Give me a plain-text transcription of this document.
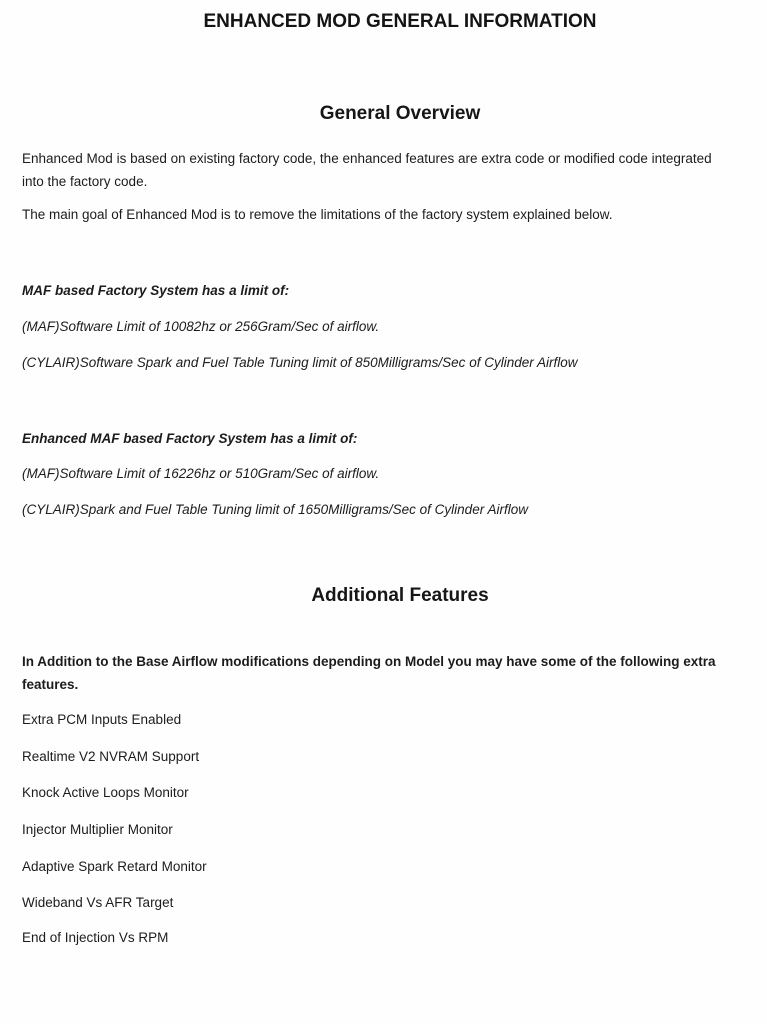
ENHANCED MOD GENERAL INFORMATION
General Overview

Enhanced Mod is based on existing factory code, the enhanced features are extra code or modified code integrated

into the factory code.

The main goal of Enhanced Mod is to remove the limitations of the factory system explained below.

MAF based Factory System has a limit of:

(MAF)Software Limit of 10082hz or 256Gram/Sec of airflow.

(CYLAIR)Software Spark and Fuel Table Tuning limit of 850Milligrams/Sec of Cylinder Airflow

Enhanced MAF based Factory System has a limit of:

(MAF)Software Limit of 16226hz or 510Gram/Sec of airflow.

(CYLAIR)Spark and Fuel Table Tuning limit of 1650Milligrams/Sec of Cylinder Airflow

Additional Features

In Addition to the Base Airflow modifications depending on Model you may have some of the following extra

features.

Extra PCM Inputs Enabled

Realtime V2 NVRAM Support

Knock Active Loops Monitor

Injector Multiplier Monitor

Adaptive Spark Retard Monitor

Wideband Vs AFR Target

End of Injection Vs RPM
